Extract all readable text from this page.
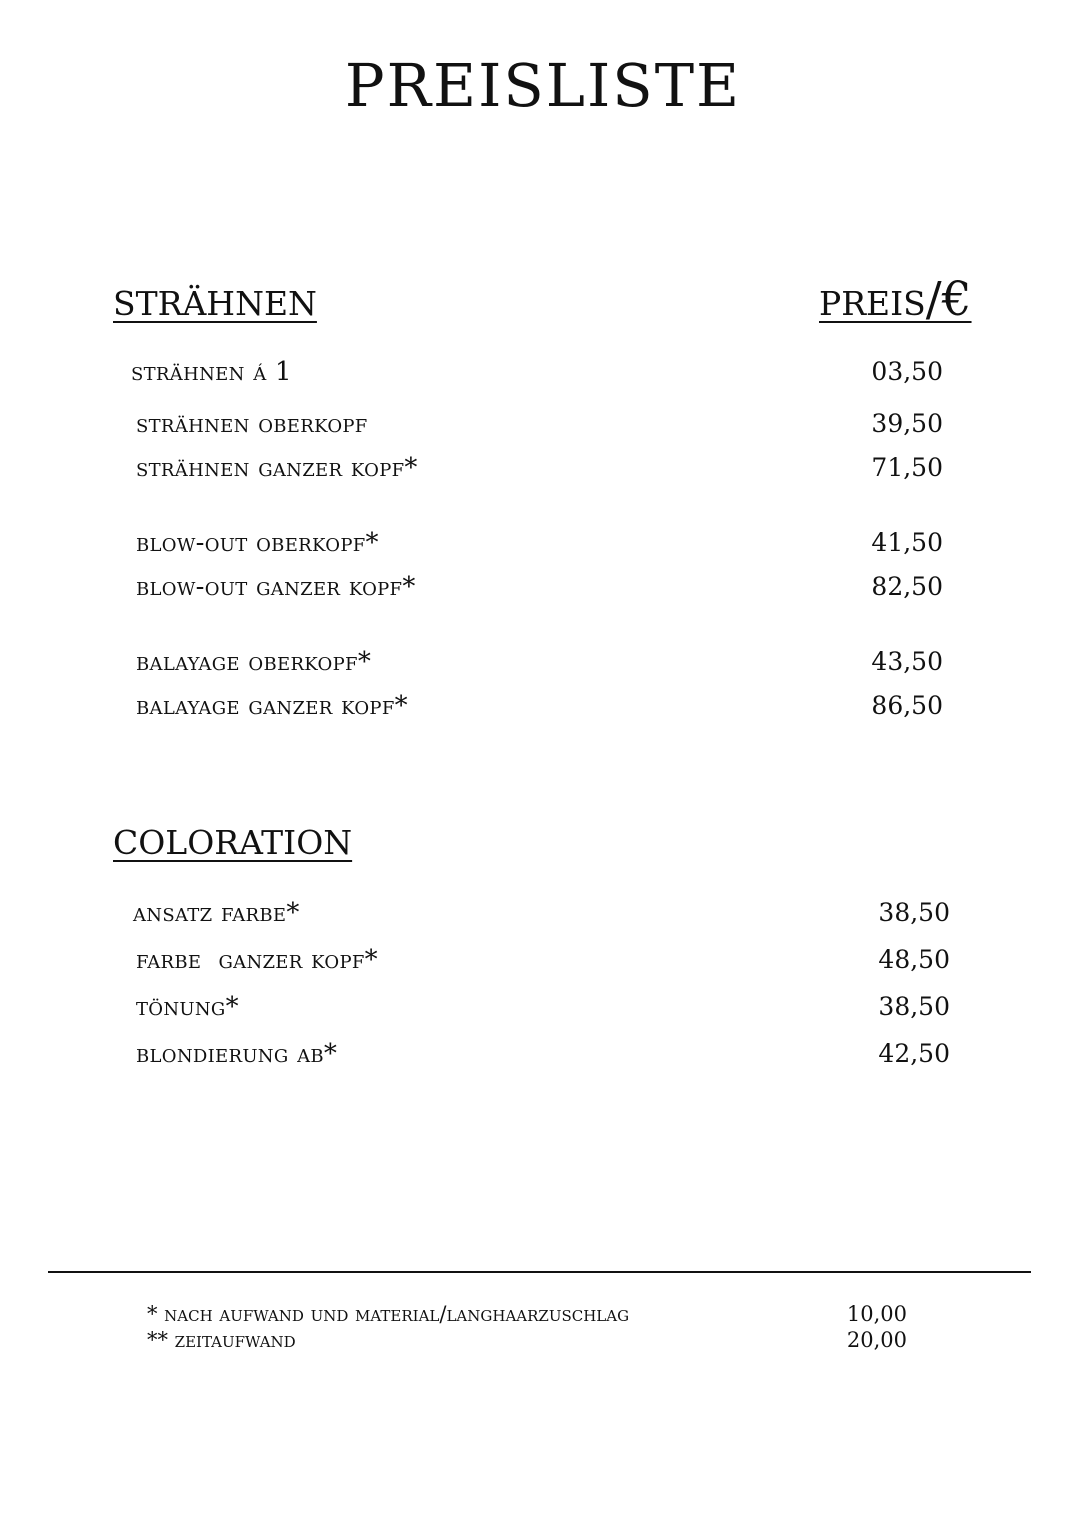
preisliste
strähnen	preis/€
strähnen á 1	03,50
strähnen oberkopf	39,50
strähnen ganzer kopf*	71,50
blow-out oberkopf*	41,50
blow-out ganzer kopf*	82,50
balayage oberkopf*	43,50
balayage ganzer kopf*	86,50
coloration
ansatz farbe*	38,50
farbe  ganzer kopf*	48,50
tönung*	38,50
blondierung ab*	42,50
* nach aufwand und material/langhaarzuschlag	10,00
** zeitaufwand	20,00
